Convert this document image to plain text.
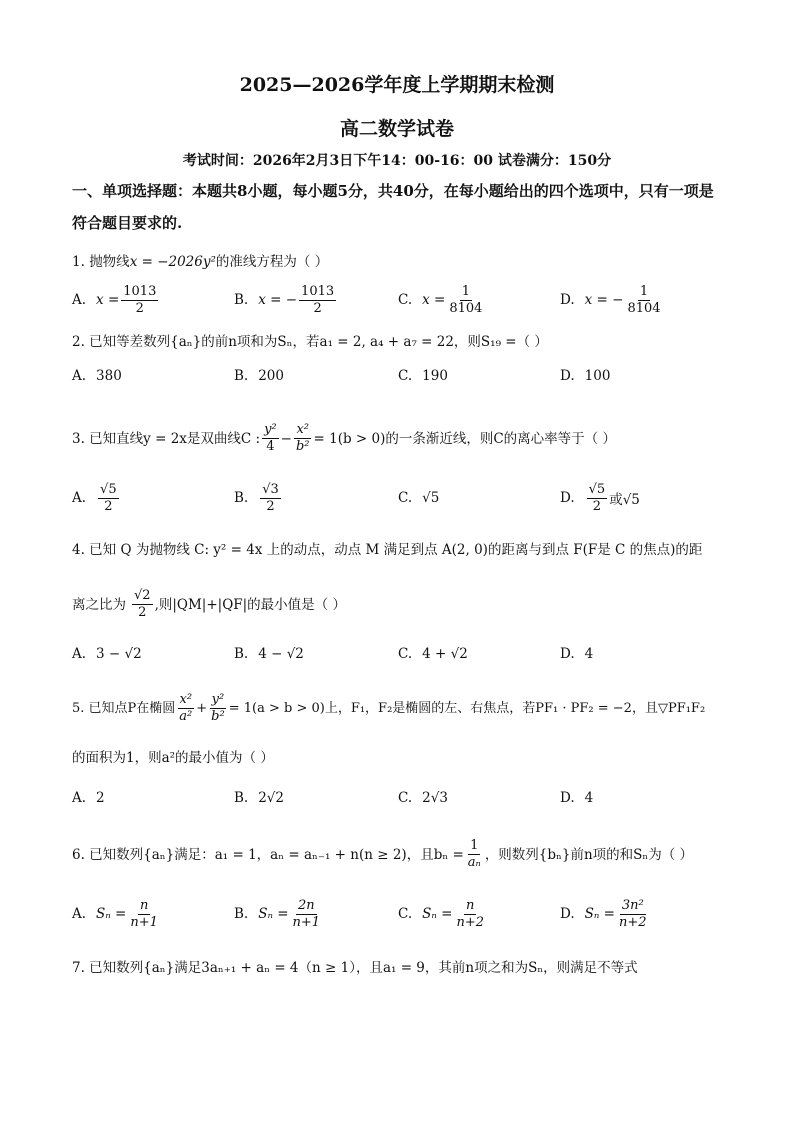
2025—2026学年度上学期期末检测
高二数学试卷
考试时间：2026年2月3日下午14：00-16：00 试卷满分：150分
一、单项选择题：本题共8小题，每小题5分，共40分，在每小题给出的四个选项中，只有一项是符合题目要求的.
1. 抛物线x = −2026y²的准线方程为（ ）
A. $x = \frac{1013}{2}$	B. x = − $\frac{1013}{2}$	C. $x = \frac{1}{8104}$	D. x = − $\frac{1}{8104}$
2. 已知等差数列{aₙ}的前n项和为Sₙ，若a₁ = 2, a₄ + a₇ = 22，则S₁₉ =（ ）
A. 380	B. 200	C. 190	D. 100
3. 已知直线y = 2x是双曲线C : $\frac{\text{y²}}{4} - \frac{\text{x²}}{\text{b²}} = 1(b > 0)$的一条渐近线，则C的离心率等于（ ）
A. $\frac{√5}{2}$	B. $\frac{√3}{2}$	C. √5	D. $\frac{√5}{2}$ 或√5
4. 已知 Q 为抛物线 C: y² = 4x 上的动点，动点 M 满足到点 A(2, 0)的距离与到点 F(F是 C 的焦点)的距
离之比为 $\frac{√2}{2}$ ,则|QM|+|QF|的最小值是（ ）
A. 3 − √2	B. 4 − √2	C. 4 + √2	D. 4
5. 已知点P在椭圆 $\frac{\text{x²}}{\text{a²}} + \frac{\text{y²}}{\text{b²}} = 1(a > b > 0)$上，F₁，F₂是椭圆的左、右焦点，若PF₁ · PF₂ = −2，且▽PF₁F₂
的面积为1，则a²的最小值为（ ）
A. 2	B. 2√2	C. 2√3	D. 4
6. 已知数列{aₙ}满足：a₁ = 1，aₙ = aₙ₋₁ + n(n ≥ 2)，且$b_n = \frac{1}{\text{aₙ}}$ ，则数列{bₙ}前n项的和Sₙ为（ ）
A. $S_n = \frac{n}{n+1}$	B. $S_n = \frac{2n}{n+1}$	C. $S_n = \frac{n}{n+2}$	D. $S_n = \frac{\text{3n²}}{n+2}$
7. 已知数列{aₙ}满足3aₙ₊₁ + aₙ = 4（n ≥ 1），且a₁ = 9，其前n项之和为Sₙ，则满足不等式
